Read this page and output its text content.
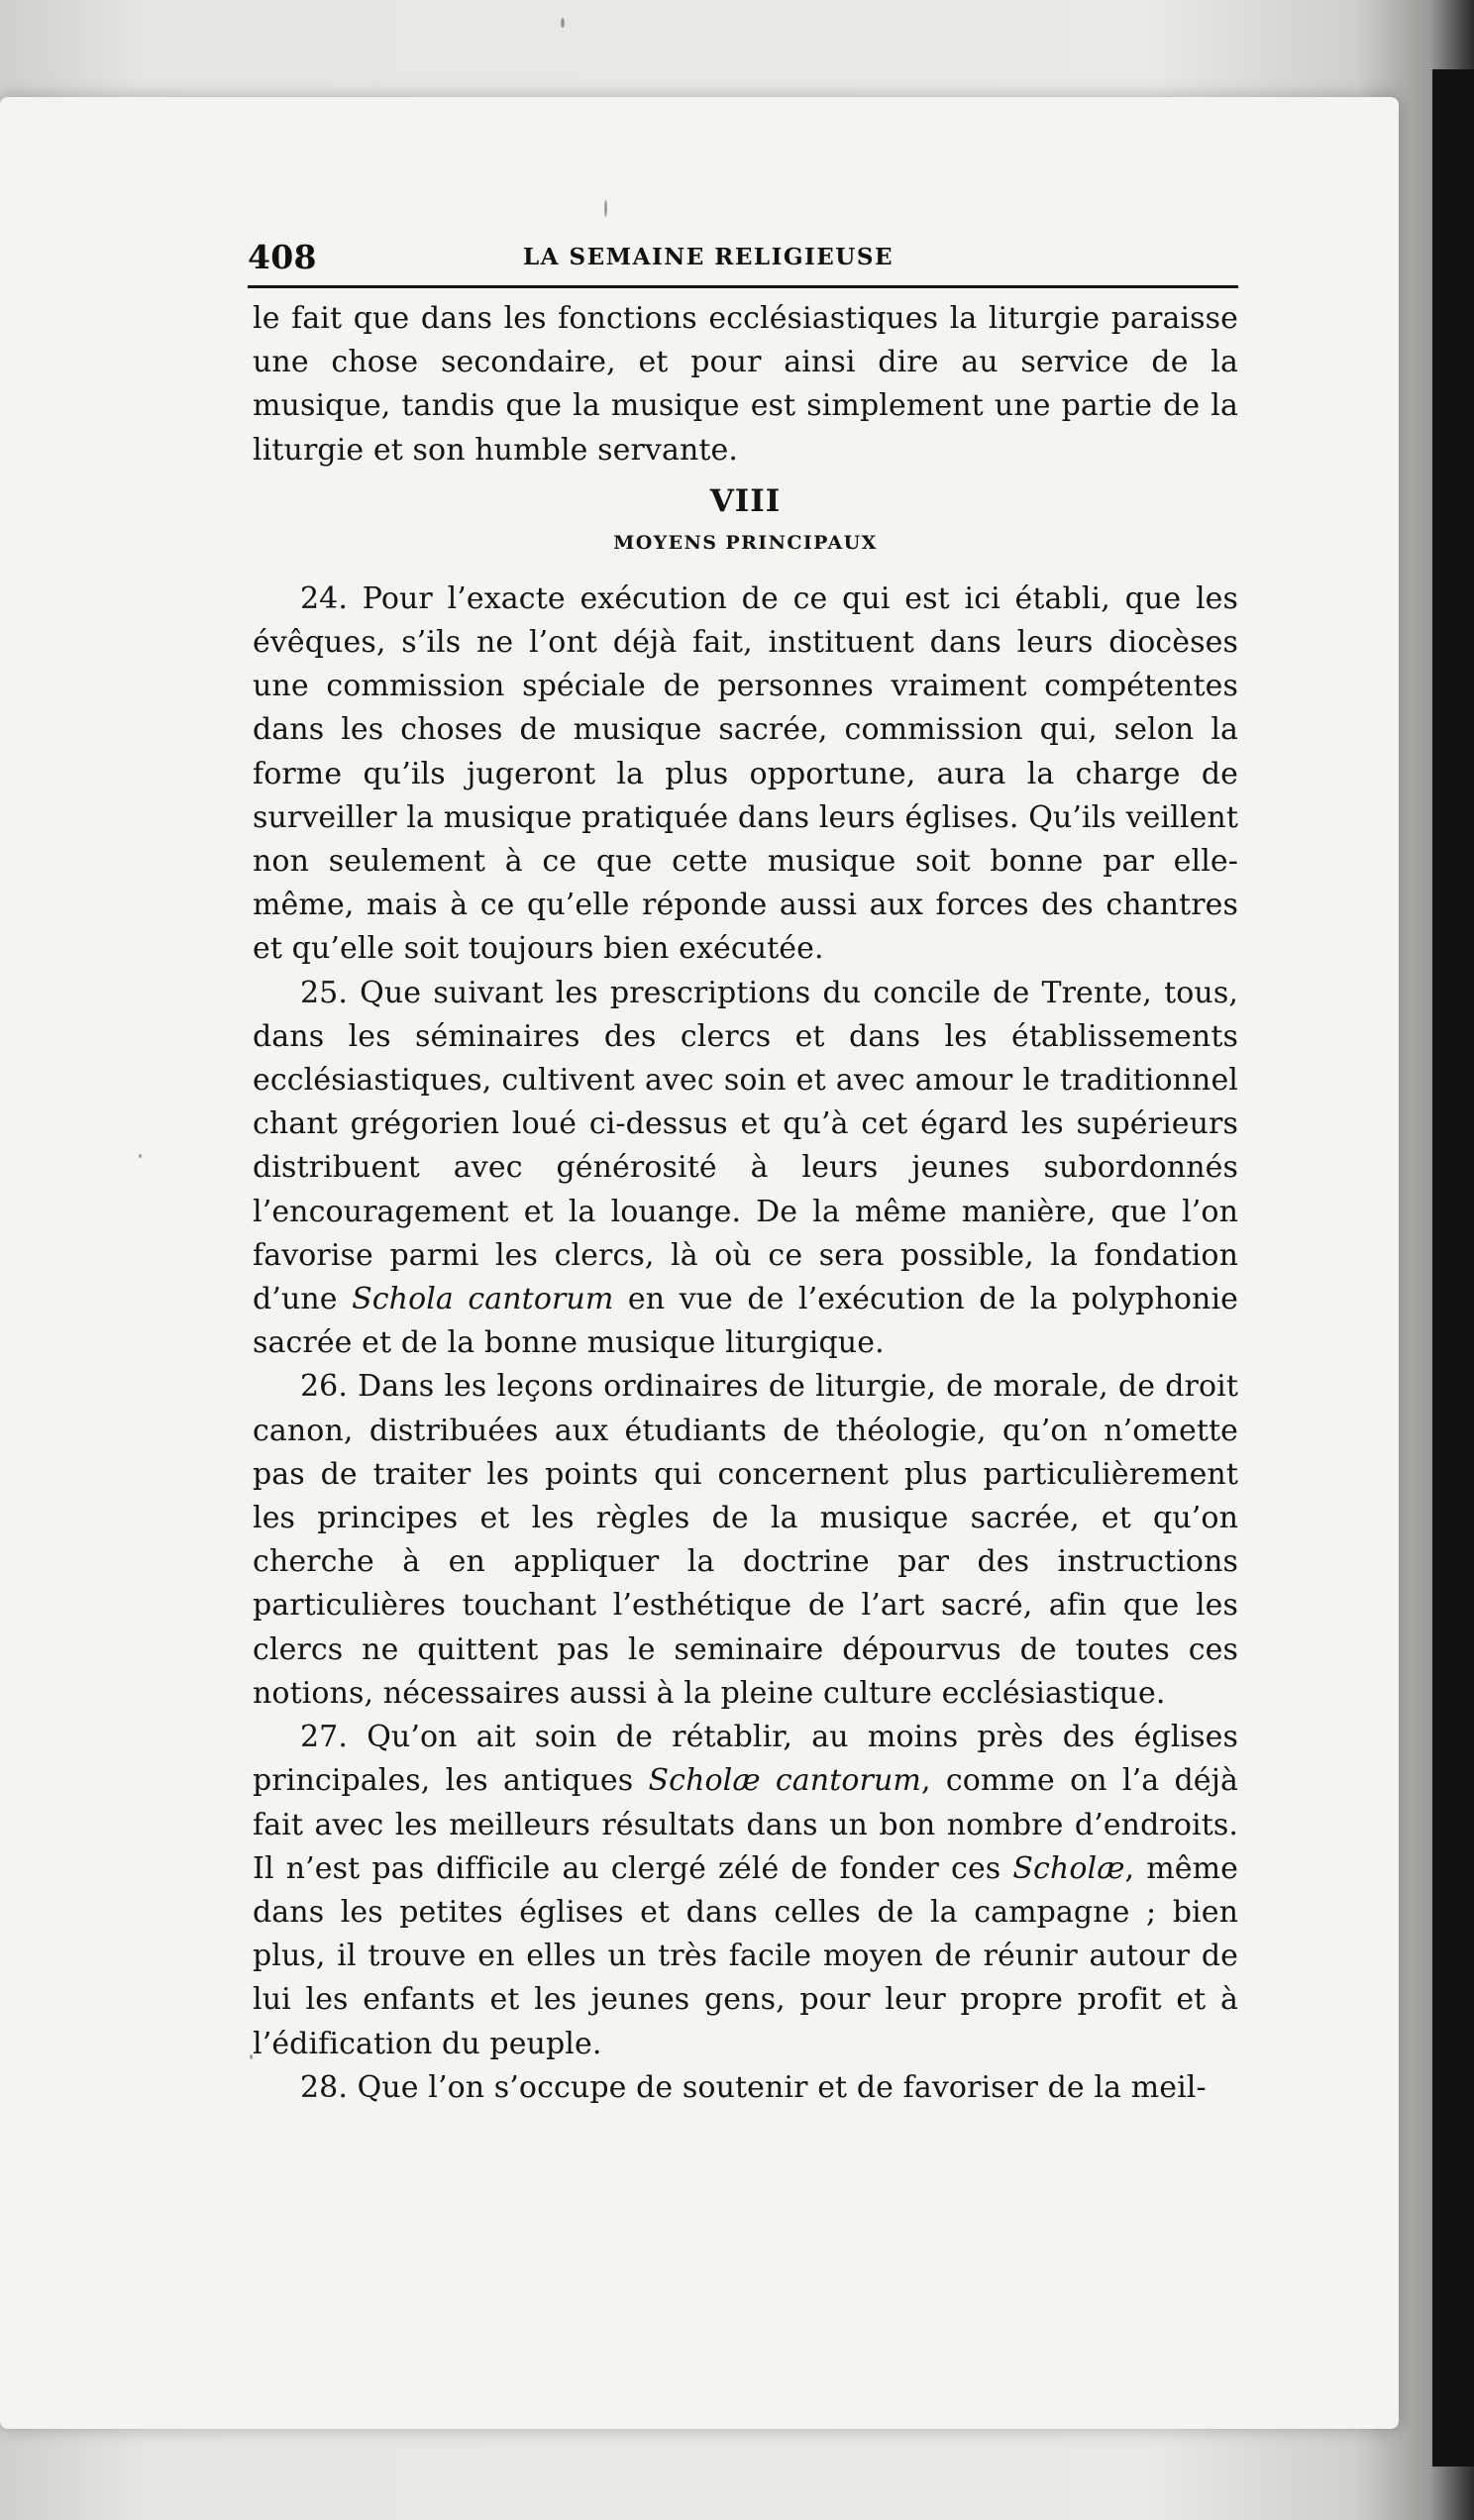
408	LA SEMAINE RELIGIEUSE

le fait que dans les fonctions ecclésiastiques la liturgie paraisse une chose secondaire, et pour ainsi dire au service de la musique, tandis que la musique est simplement une partie de la liturgie et son humble servante.

VIII
MOYENS PRINCIPAUX

24. Pour l’exacte exécution de ce qui est ici établi, que les évêques, s’ils ne l’ont déjà fait, instituent dans leurs diocèses une commission spéciale de personnes vraiment compétentes dans les choses de musique sacrée, commission qui, selon la forme qu’ils jugeront la plus opportune, aura la charge de surveiller la musique pratiquée dans leurs églises. Qu’ils veillent non seulement à ce que cette musique soit bonne par elle-même, mais à ce qu’elle réponde aussi aux forces des chantres et qu’elle soit toujours bien exécutée.

25. Que suivant les prescriptions du concile de Trente, tous, dans les séminaires des clercs et dans les établissements ecclésiastiques, cultivent avec soin et avec amour le traditionnel chant grégorien loué ci-dessus et qu’à cet égard les supérieurs distribuent avec générosité à leurs jeunes subordonnés l’encouragement et la louange. De la même manière, que l’on favorise parmi les clercs, là où ce sera possible, la fondation d’une Schola cantorum en vue de l’exécution de la polyphonie sacrée et de la bonne musique liturgique.

26. Dans les leçons ordinaires de liturgie, de morale, de droit canon, distribuées aux étudiants de théologie, qu’on n’omette pas de traiter les points qui concernent plus particulièrement les principes et les règles de la musique sacrée, et qu’on cherche à en appliquer la doctrine par des instructions particulières touchant l’esthétique de l’art sacré, afin que les clercs ne quittent pas le seminaire dépourvus de toutes ces notions, nécessaires aussi à la pleine culture ecclésiastique.

27. Qu’on ait soin de rétablir, au moins près des églises principales, les antiques Scholæ cantorum, comme on l’a déjà fait avec les meilleurs résultats dans un bon nombre d’endroits. Il n’est pas difficile au clergé zélé de fonder ces Scholæ, même dans les petites églises et dans celles de la campagne ; bien plus, il trouve en elles un très facile moyen de réunir autour de lui les enfants et les jeunes gens, pour leur propre profit et à l’édification du peuple.

28. Que l’on s’occupe de soutenir et de favoriser de la meil-
